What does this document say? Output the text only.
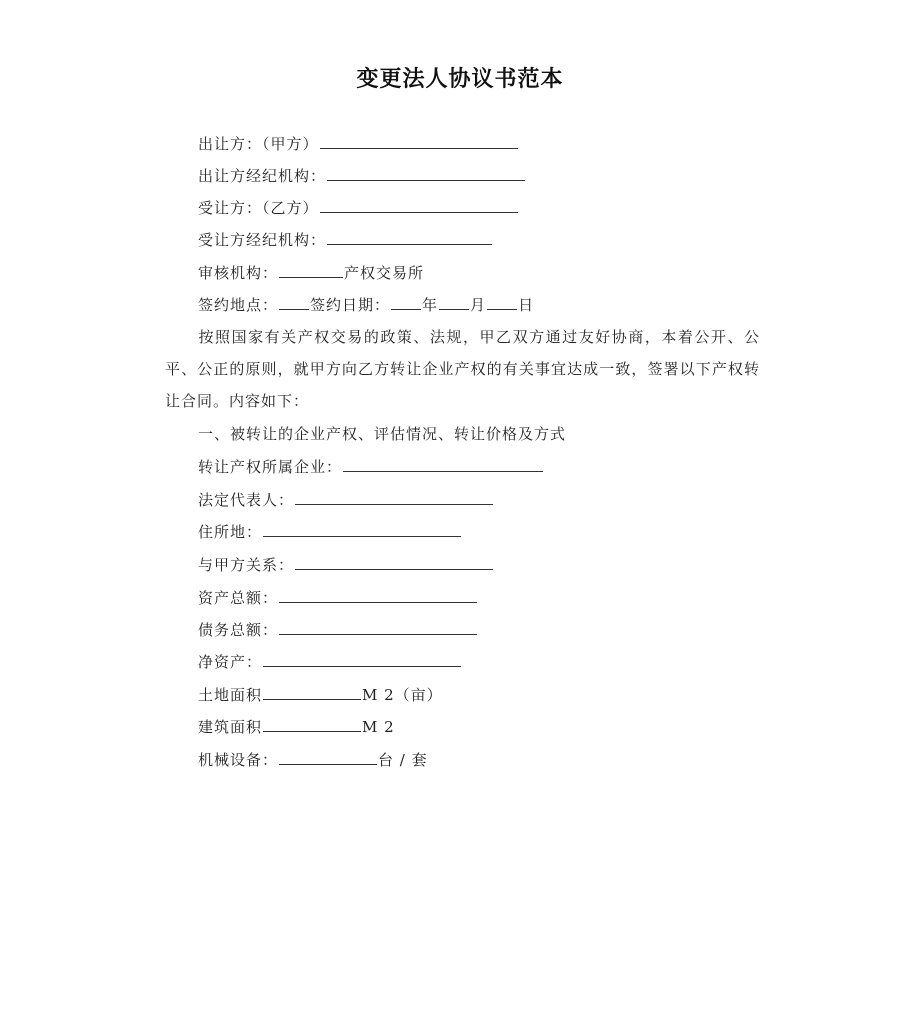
变更法人协议书范本
出让方：（甲方）
出让方经纪机构：
受让方：（乙方）
受让方经纪机构：
审核机构：	产权交易所
签约地点： 签约日期： 年 月 日
按照国家有关产权交易的政策、法规，甲乙双方通过友好协商，本着公开、公平、公正的原则，就甲方向乙方转让企业产权的有关事宜达成一致，签署以下产权转让合同。内容如下：
一、被转让的企业产权、评估情况、转让价格及方式
转让产权所属企业：
法定代表人：
住所地：
与甲方关系：
资产总额：
债务总额：
净资产：
土地面积	M 2（亩）
建筑面积	M 2
机械设备：	台 / 套
